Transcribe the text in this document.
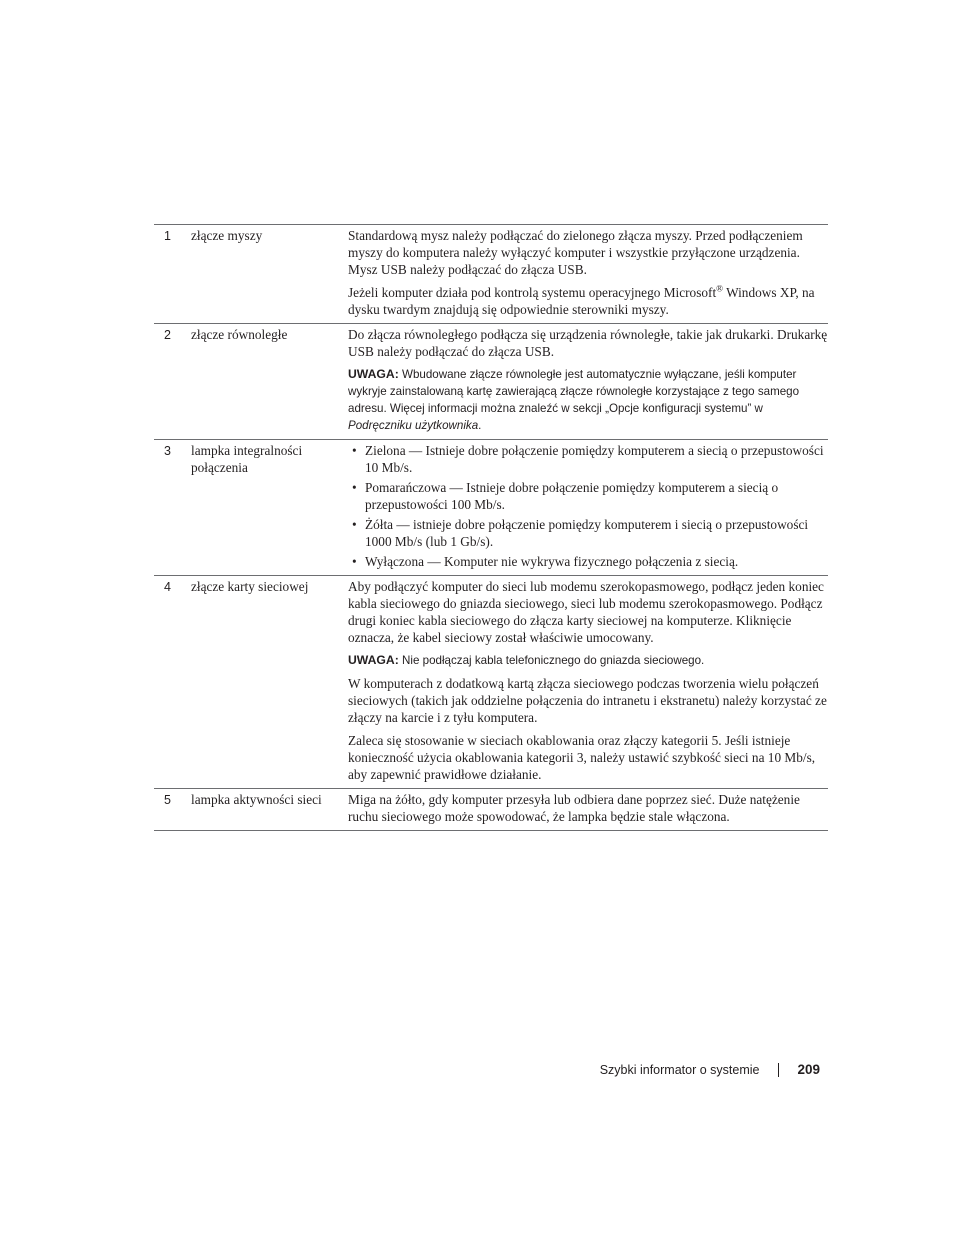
1	złącze myszy	Standardową mysz należy podłączać do zielonego złącza myszy. Przed podłączeniem myszy do komputera należy wyłączyć komputer i wszystkie przyłączone urządzenia. Mysz USB należy podłączać do złącza USB.

Jeżeli komputer działa pod kontrolą systemu operacyjnego Microsoft® Windows XP, na dysku twardym znajdują się odpowiednie sterowniki myszy.

2	złącze równoległe	Do złącza równoległego podłącza się urządzenia równoległe, takie jak drukarki. Drukarkę USB należy podłączać do złącza USB.

UWAGA: Wbudowane złącze równoległe jest automatycznie wyłączane, jeśli komputer wykryje zainstalowaną kartę zawierającą złącze równoległe korzystające z tego samego adresu. Więcej informacji można znaleźć w sekcji „Opcje konfiguracji systemu” w Podręczniku użytkownika.

3	lampka integralności połączenia
• Zielona — Istnieje dobre połączenie pomiędzy komputerem a siecią o przepustowości 10 Mb/s.
• Pomarańczowa — Istnieje dobre połączenie pomiędzy komputerem a siecią o przepustowości 100 Mb/s.
• Żółta — istnieje dobre połączenie pomiędzy komputerem i siecią o przepustowości 1000 Mb/s (lub 1 Gb/s).
• Wyłączona — Komputer nie wykrywa fizycznego połączenia z siecią.
4	złącze karty sieciowej	Aby podłączyć komputer do sieci lub modemu szerokopasmowego, podłącz jeden koniec kabla sieciowego do gniazda sieciowego, sieci lub modemu szerokopasmowego. Podłącz drugi koniec kabla sieciowego do złącza karty sieciowej na komputerze. Kliknięcie oznacza, że kabel sieciowy został właściwie umocowany.

UWAGA: Nie podłączaj kabla telefonicznego do gniazda sieciowego.

W komputerach z dodatkową kartą złącza sieciowego podczas tworzenia wielu połączeń sieciowych (takich jak oddzielne połączenia do intranetu i ekstranetu) należy korzystać ze złączy na karcie i z tyłu komputera.

Zaleca się stosowanie w sieciach okablowania oraz złączy kategorii 5. Jeśli istnieje konieczność użycia okablowania kategorii 3, należy ustawić szybkość sieci na 10 Mb/s, aby zapewnić prawidłowe działanie.

5	lampka aktywności sieci	Miga na żółto, gdy komputer przesyła lub odbiera dane poprzez sieć. Duże natężenie ruchu sieciowego może spowodować, że lampka będzie stale włączona.

Szybki informator o systemie	209
